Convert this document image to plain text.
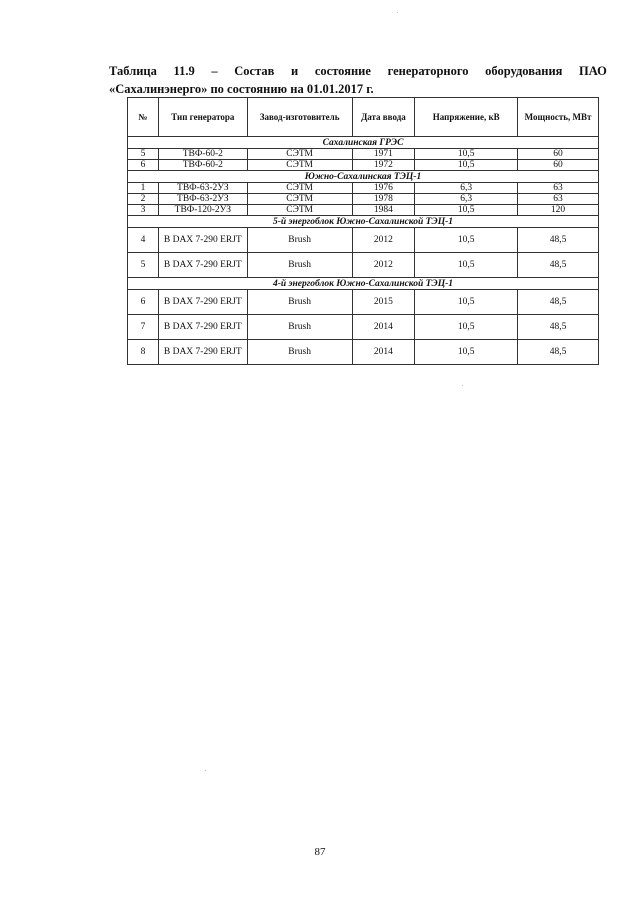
Таблица 11.9 – Состав и состояние генераторного оборудования ПАО
«Сахалинэнерго» по состоянию на 01.01.2017 г.
№	Тип генератора	Завод-изготовитель	Дата ввода	Напряжение, кВ	Мощность, МВт
Сахалинская ГРЭС					
5	ТВФ-60-2	СЭТМ	1971	10,5	60
6	ТВФ-60-2	СЭТМ	1972	10,5	60
Южно-Сахалинская ТЭЦ-1					
1	ТВФ-63-2УЗ	СЭТМ	1976	6,3	63
2	ТВФ-63-2УЗ	СЭТМ	1978	6,3	63
3	ТВФ-120-2УЗ	СЭТМ	1984	10,5	120
5-й энергоблок Южно-Сахалинской ТЭЦ-1					
4	B DAX 7-290 ERJT	Brush	2012	10,5	48,5
5	B DAX 7-290 ERJT	Brush	2012	10,5	48,5
4-й энергоблок Южно-Сахалинской ТЭЦ-1					
6	B DAX 7-290 ERJT	Brush	2015	10,5	48,5
7	B DAX 7-290 ERJT	Brush	2014	10,5	48,5
8	B DAX 7-290 ERJT	Brush	2014	10,5	48,5
87
